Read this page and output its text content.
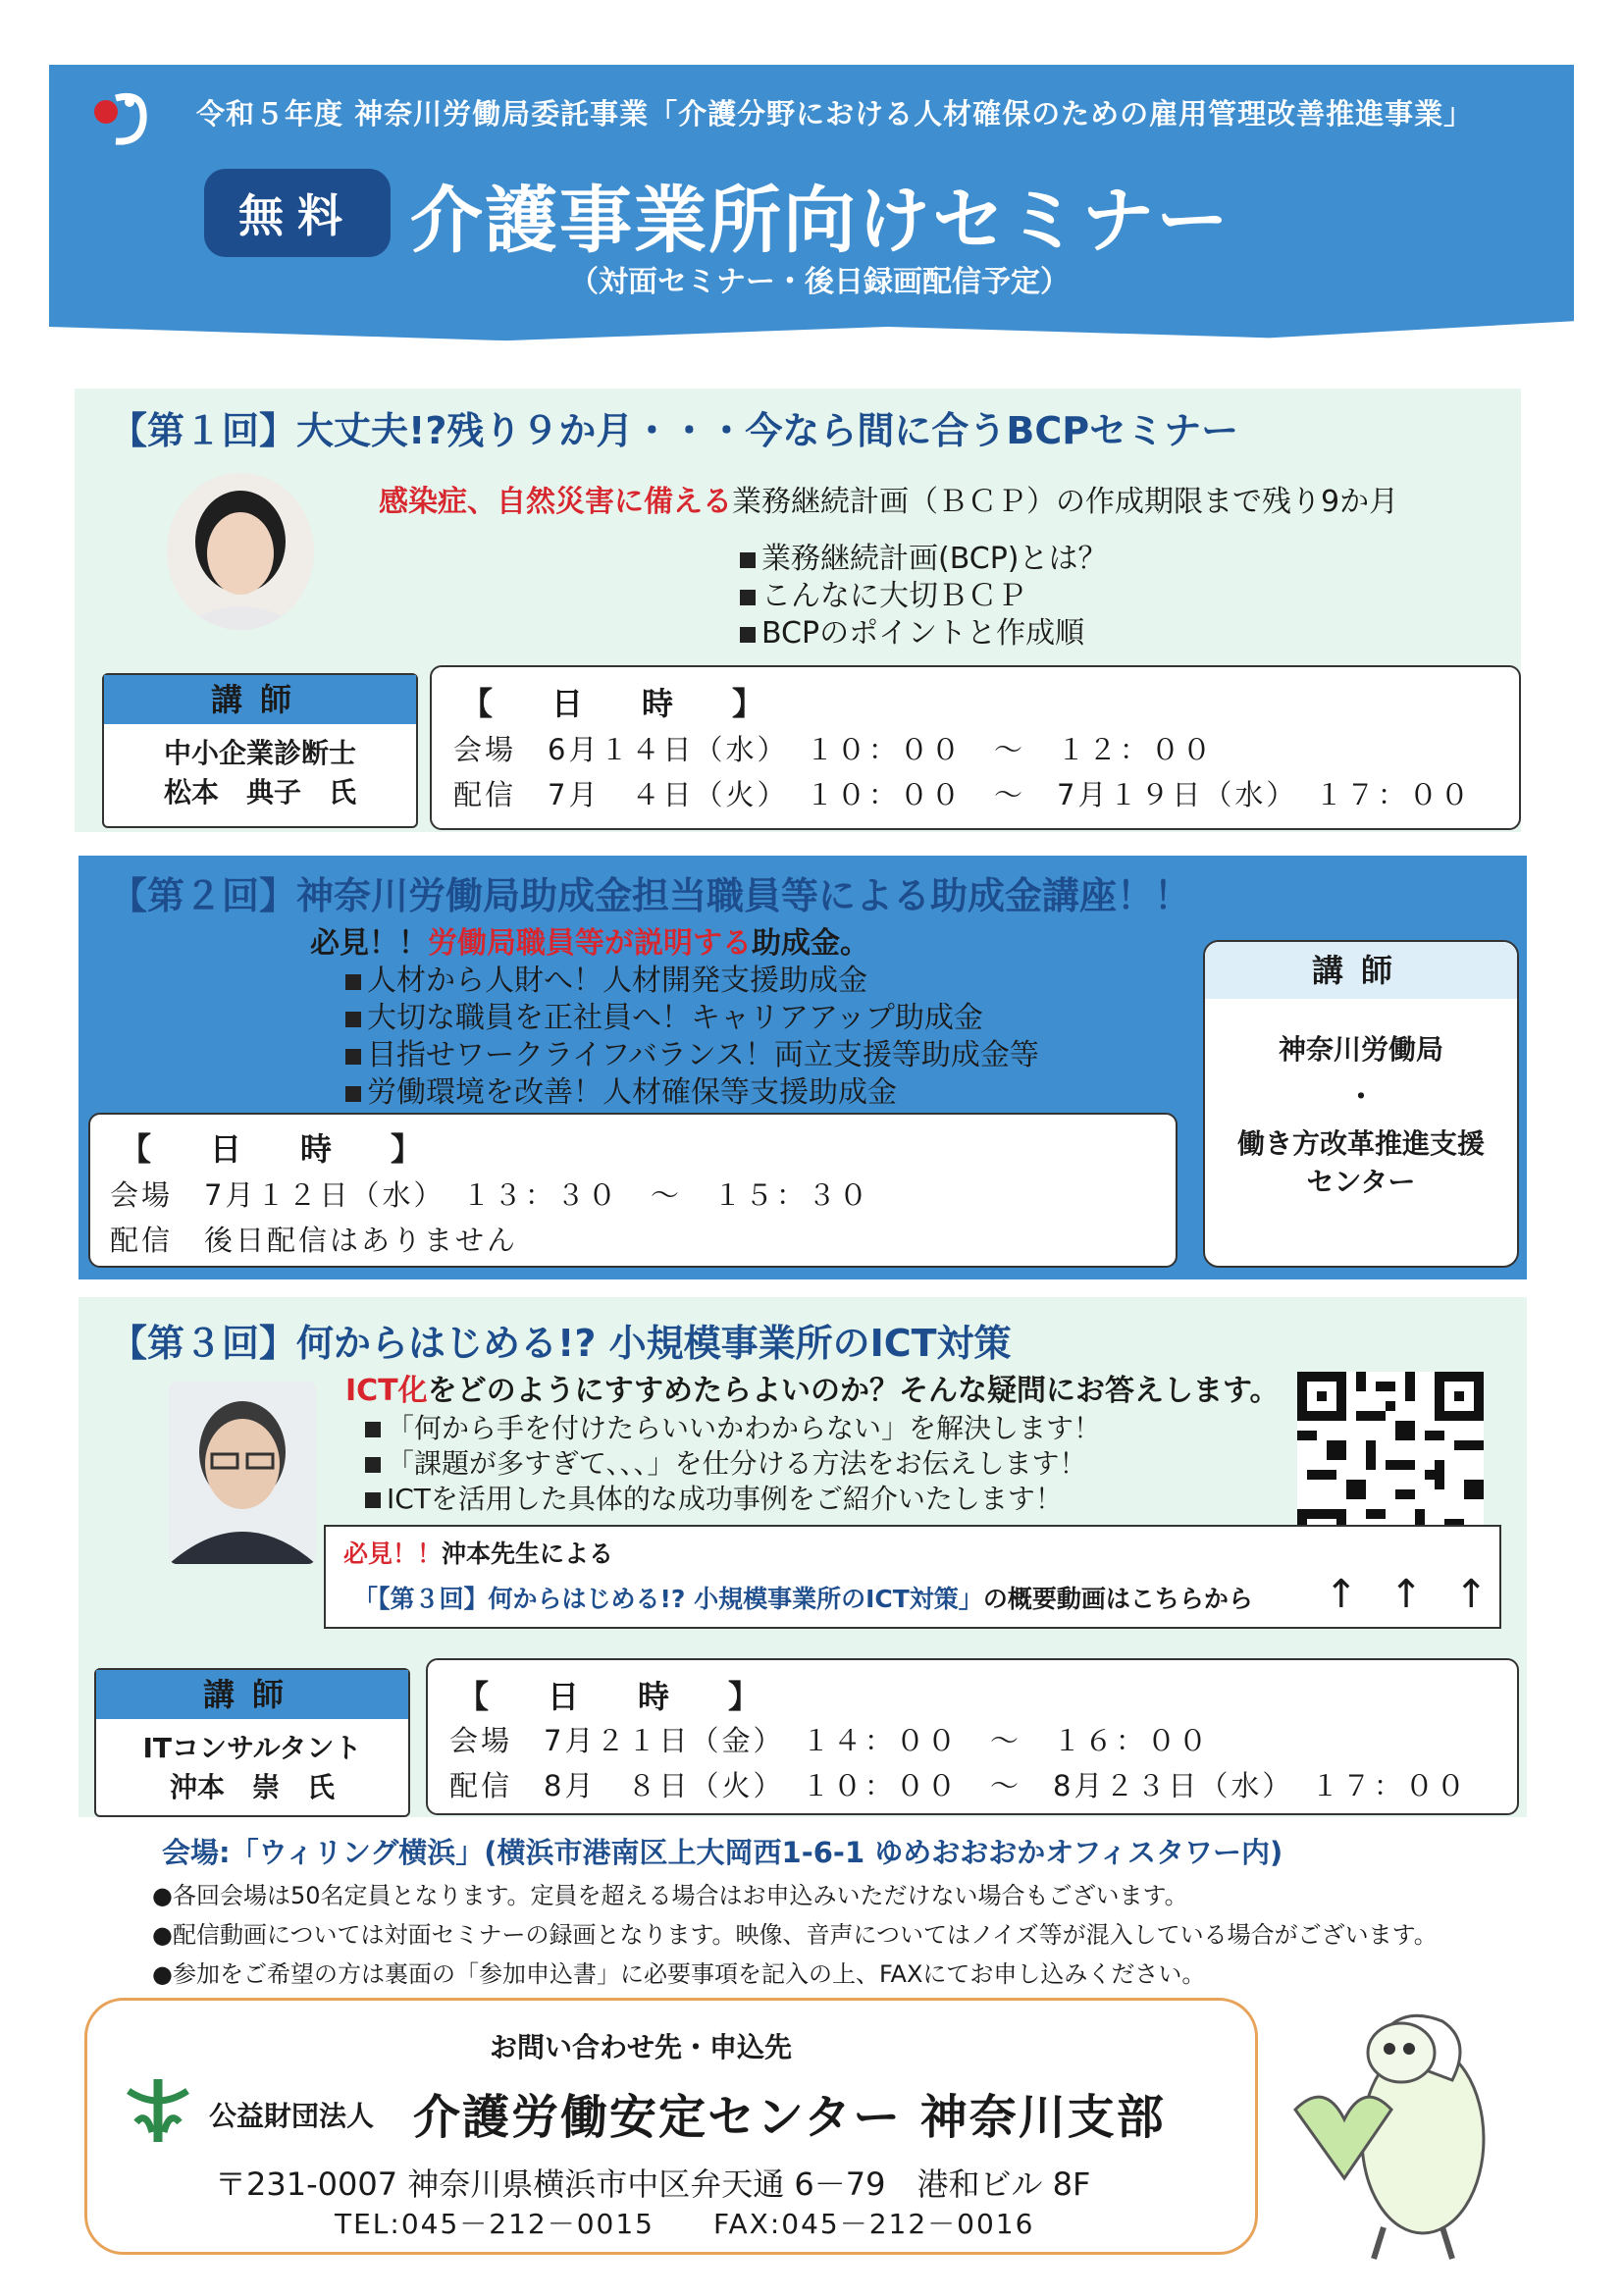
令和５年度 神奈川労働局委託事業「介護分野における人材確保のための雇用管理改善推進事業」
無料 介護事業所向けセミナー
（対面セミナー・後日録画配信予定）
【第１回】大丈夫!?残り９か月・・・今なら間に合うBCPセミナー
感染症、自然災害に備える業務継続計画（ＢＣＰ）の作成期限まで残り9か月
業務継続計画(BCP)とは？
こんなに大切ＢＣＰ
BCPのポイントと作成順
講師
中小企業診断士
松本　典子　氏
【　日　時　】
会場　6月１４日（水）　１０：００　～　１２：００
配信　7月　４日（火）　１０：００　～　7月１９日（水）　１７：００
【第２回】神奈川労働局助成金担当職員等による助成金講座！！
必見！！労働局職員等が説明する助成金。
人材から人財へ！人材開発支援助成金
大切な職員を正社員へ！キャリアアップ助成金
目指せワークライフバランス！両立支援等助成金等
労働環境を改善！人材確保等支援助成金
【　日　時　】
会場　7月１２日（水）　１３：３０　～　１５：３０
配信　後日配信はありません
講師
神奈川労働局
・
働き方改革推進支援
センター
【第３回】何からはじめる!? 小規模事業所のICT対策
ICT化をどのようにすすめたらよいのか？そんな疑問にお答えします。
「何から手を付けたらいいかわからない」を解決します！
「課題が多すぎて、、、」を仕分ける方法をお伝えします！
ICTを活用した具体的な成功事例をご紹介いたします！
必見！！沖本先生による
「【第３回】何からはじめる!? 小規模事業所のICT対策」の概要動画はこちらから ↑ ↑ ↑
講師
ITコンサルタント
沖本　崇　氏
【　日　時　】
会場　7月２１日（金）　１４：００　～　１６：００
配信　8月　８日（火）　１０：００　～　8月２３日（水）　１７：００
会場:「ウィリング横浜」(横浜市港南区上大岡西1-6-1 ゆめおおおかオフィスタワー内)
●各回会場は50名定員となります。定員を超える場合はお申込みいただけない場合もございます。
●配信動画については対面セミナーの録画となります。映像、音声についてはノイズ等が混入している場合がございます。
●参加をご希望の方は裏面の「参加申込書」に必要事項を記入の上、FAXにてお申し込みください。
お問い合わせ先・申込先
公益財団法人 介護労働安定センター 神奈川支部
〒231-0007 神奈川県横浜市中区弁天通 6－79　港和ビル 8F
TEL:045－212－0015　　FAX:045－212－0016
